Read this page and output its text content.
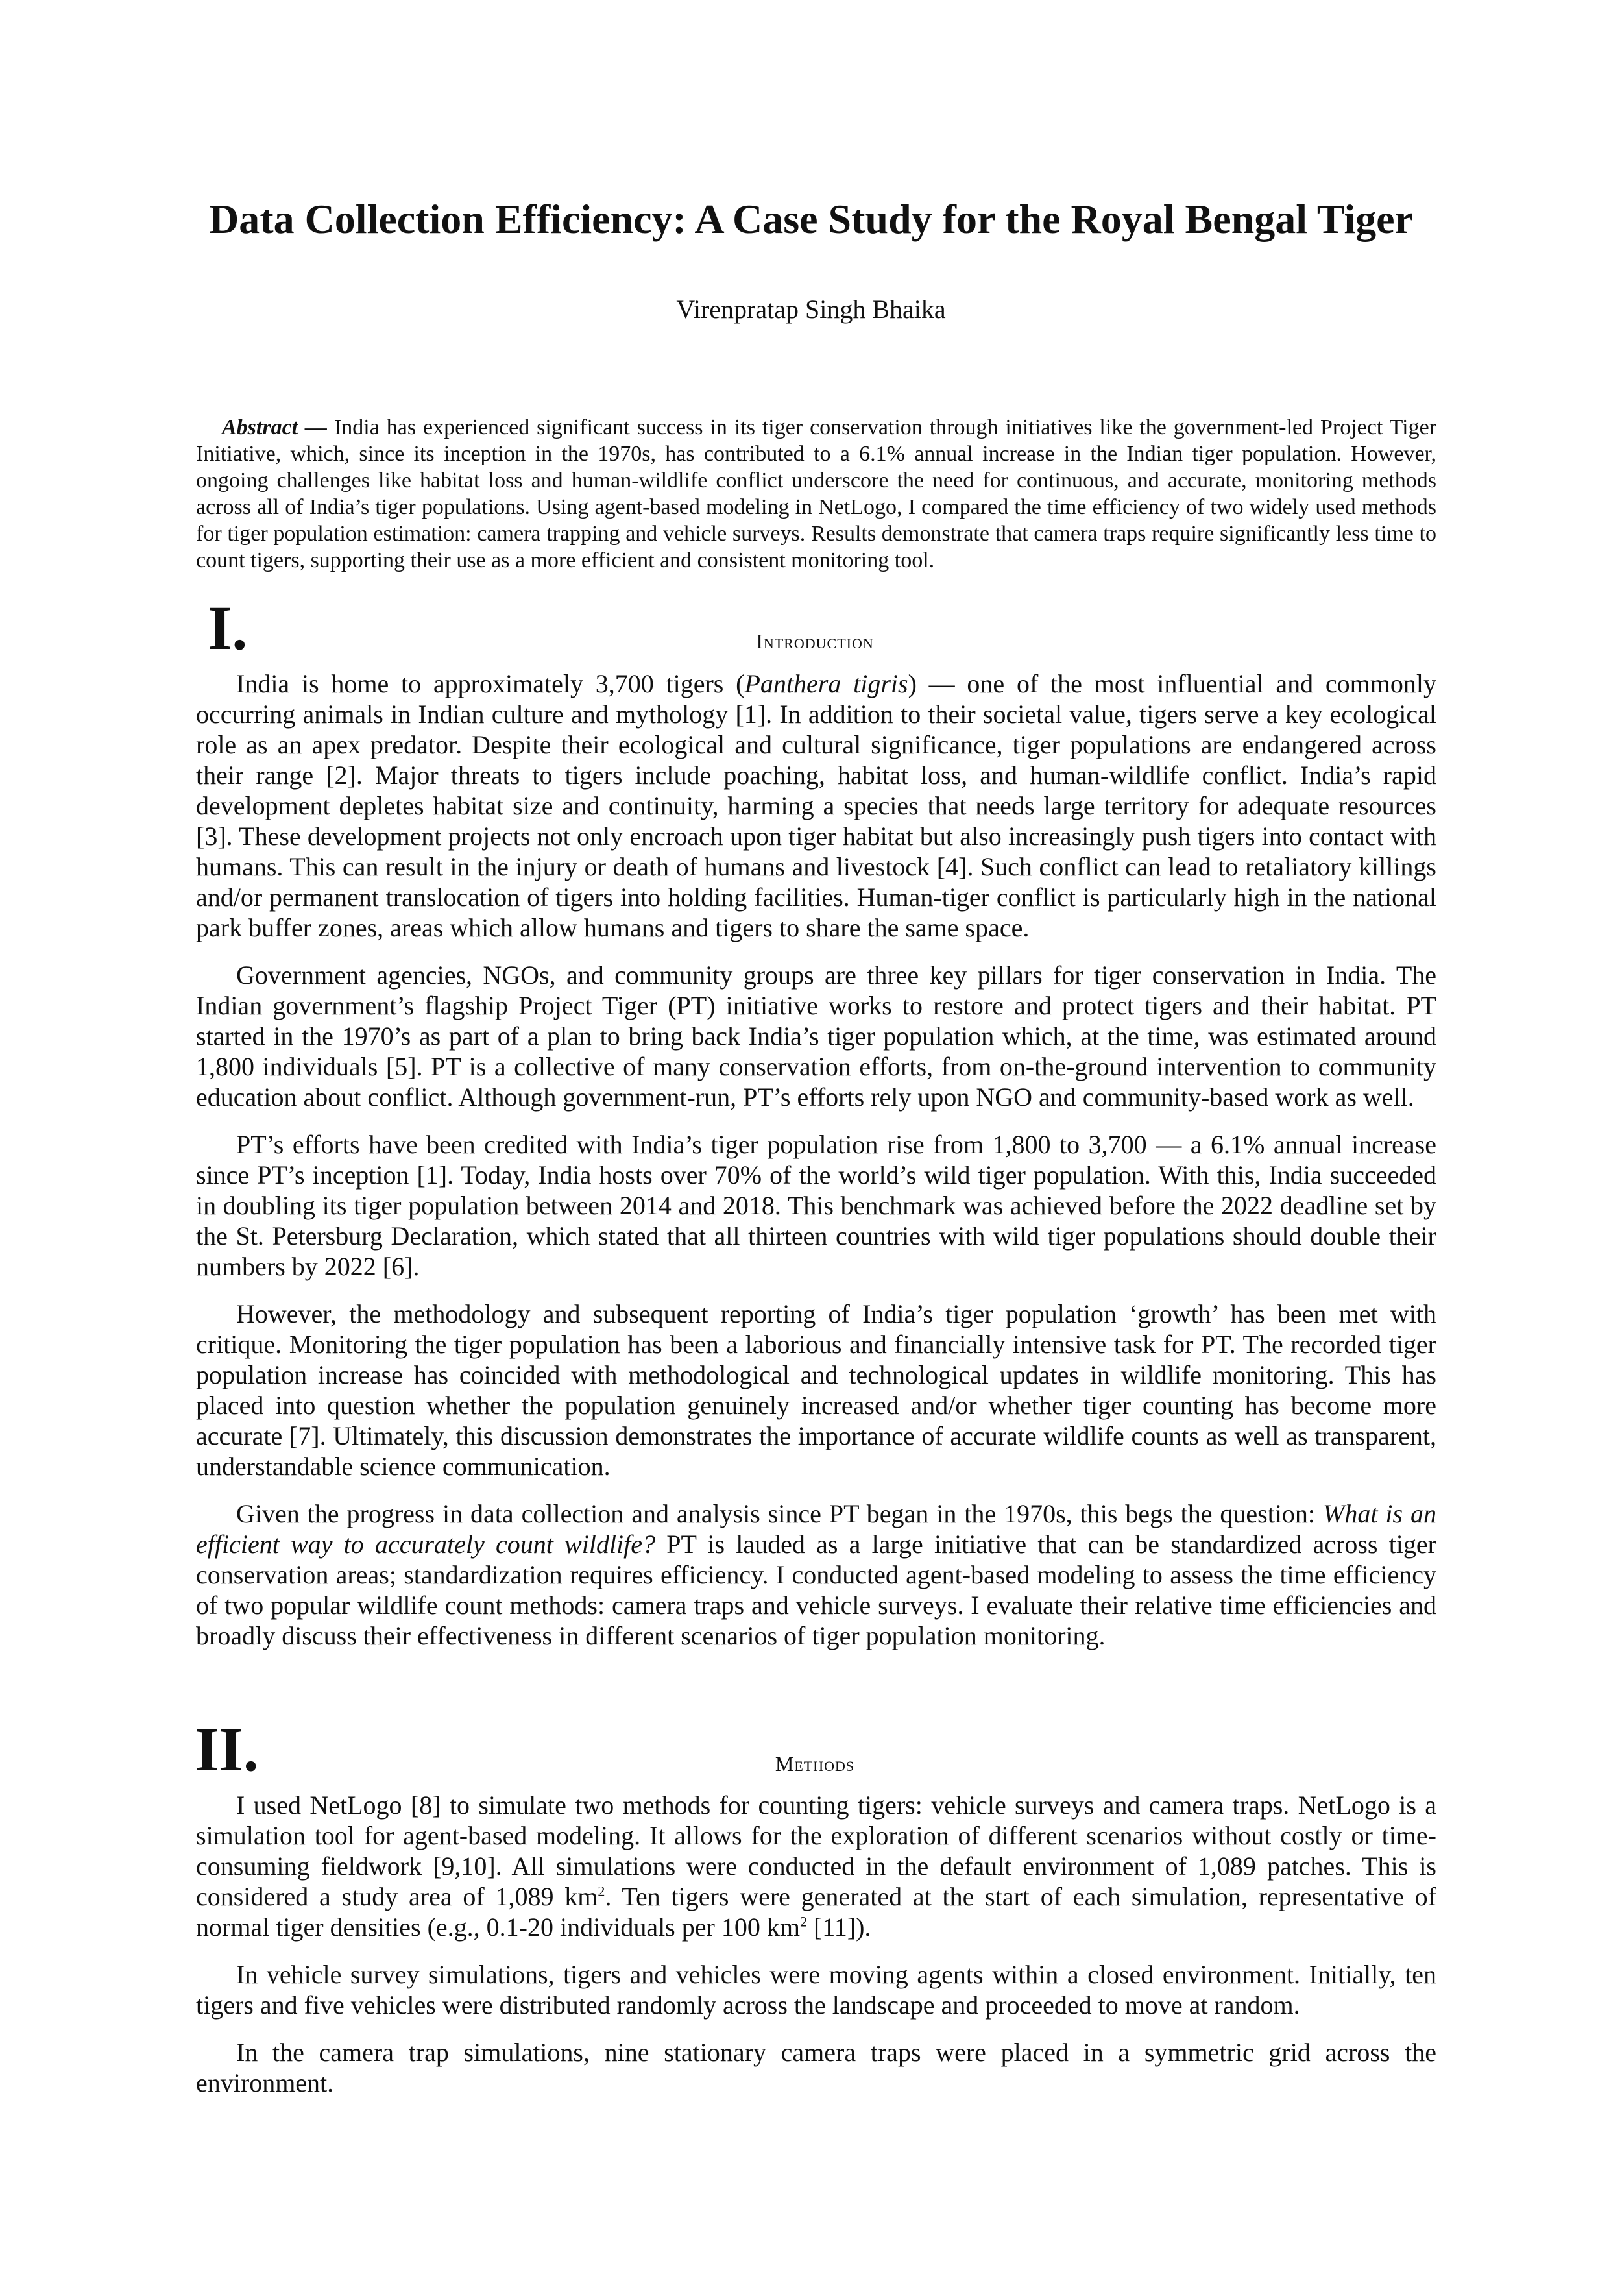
Data Collection Efficiency: A Case Study for the Royal Bengal Tiger
Virenpratap Singh Bhaika

Abstract — India has experienced significant success in its tiger conservation through initiatives like the government-led Project Tiger Initiative, which, since its inception in the 1970s, has contributed to a 6.1% annual increase in the Indian tiger population. However, ongoing challenges like habitat loss and human-wildlife conflict underscore the need for continuous, and accurate, monitoring methods across all of India’s tiger populations. Using agent-based modeling in NetLogo, I compared the time efficiency of two widely used methods for tiger population estimation: camera trapping and vehicle surveys. Results demonstrate that camera traps require significantly less time to count tigers, supporting their use as a more efficient and consistent monitoring tool.

I.	Introduction

India is home to approximately 3,700 tigers (Panthera tigris) — one of the most influential and commonly occurring animals in Indian culture and mythology [1]. In addition to their societal value, tigers serve a key ecological role as an apex predator. Despite their ecological and cultural significance, tiger populations are endangered across their range [2]. Major threats to tigers include poaching, habitat loss, and human-wildlife conflict. India’s rapid development depletes habitat size and continuity, harming a species that needs large territory for adequate resources [3]. These development projects not only encroach upon tiger habitat but also increasingly push tigers into contact with humans. This can result in the injury or death of humans and livestock [4]. Such conflict can lead to retaliatory killings and/or permanent translocation of tigers into holding facilities. Human-tiger conflict is particularly high in the national park buffer zones, areas which allow humans and tigers to share the same space.

Government agencies, NGOs, and community groups are three key pillars for tiger conservation in India. The Indian government’s flagship Project Tiger (PT) initiative works to restore and protect tigers and their habitat. PT started in the 1970’s as part of a plan to bring back India’s tiger population which, at the time, was estimated around 1,800 individuals [5]. PT is a collective of many conservation efforts, from on-the-ground intervention to community education about conflict. Although government-run, PT’s efforts rely upon NGO and community-based work as well.

PT’s efforts have been credited with India’s tiger population rise from 1,800 to 3,700 — a 6.1% annual increase since PT’s inception [1]. Today, India hosts over 70% of the world’s wild tiger population. With this, India succeeded in doubling its tiger population between 2014 and 2018. This benchmark was achieved before the 2022 deadline set by the St. Petersburg Declaration, which stated that all thirteen countries with wild tiger populations should double their numbers by 2022 [6].

However, the methodology and subsequent reporting of India’s tiger population ‘growth’ has been met with critique. Monitoring the tiger population has been a laborious and financially intensive task for PT. The recorded tiger population increase has coincided with methodological and technological updates in wildlife monitoring. This has placed into question whether the population genuinely increased and/or whether tiger counting has become more accurate [7]. Ultimately, this discussion demonstrates the importance of accurate wildlife counts as well as transparent, understandable science communication.

Given the progress in data collection and analysis since PT began in the 1970s, this begs the question: What is an efficient way to accurately count wildlife? PT is lauded as a large initiative that can be standardized across tiger conservation areas; standardization requires efficiency. I conducted agent-based modeling to assess the time efficiency of two popular wildlife count methods: camera traps and vehicle surveys. I evaluate their relative time efficiencies and broadly discuss their effectiveness in different scenarios of tiger population monitoring.

II.	Methods

I used NetLogo [8] to simulate two methods for counting tigers: vehicle surveys and camera traps. NetLogo is a simulation tool for agent-based modeling. It allows for the exploration of different scenarios without costly or time-consuming fieldwork [9,10]. All simulations were conducted in the default environment of 1,089 patches. This is considered a study area of 1,089 $km^2$. Ten tigers were generated at the start of each simulation, representative of normal tiger densities (e.g., 0.1-20 individuals per 100 $km^2$ [11]).

In vehicle survey simulations, tigers and vehicles were moving agents within a closed environment. Initially, ten tigers and five vehicles were distributed randomly across the landscape and proceeded to move at random.

In the camera trap simulations, nine stationary camera traps were placed in a symmetric grid across the environment.
